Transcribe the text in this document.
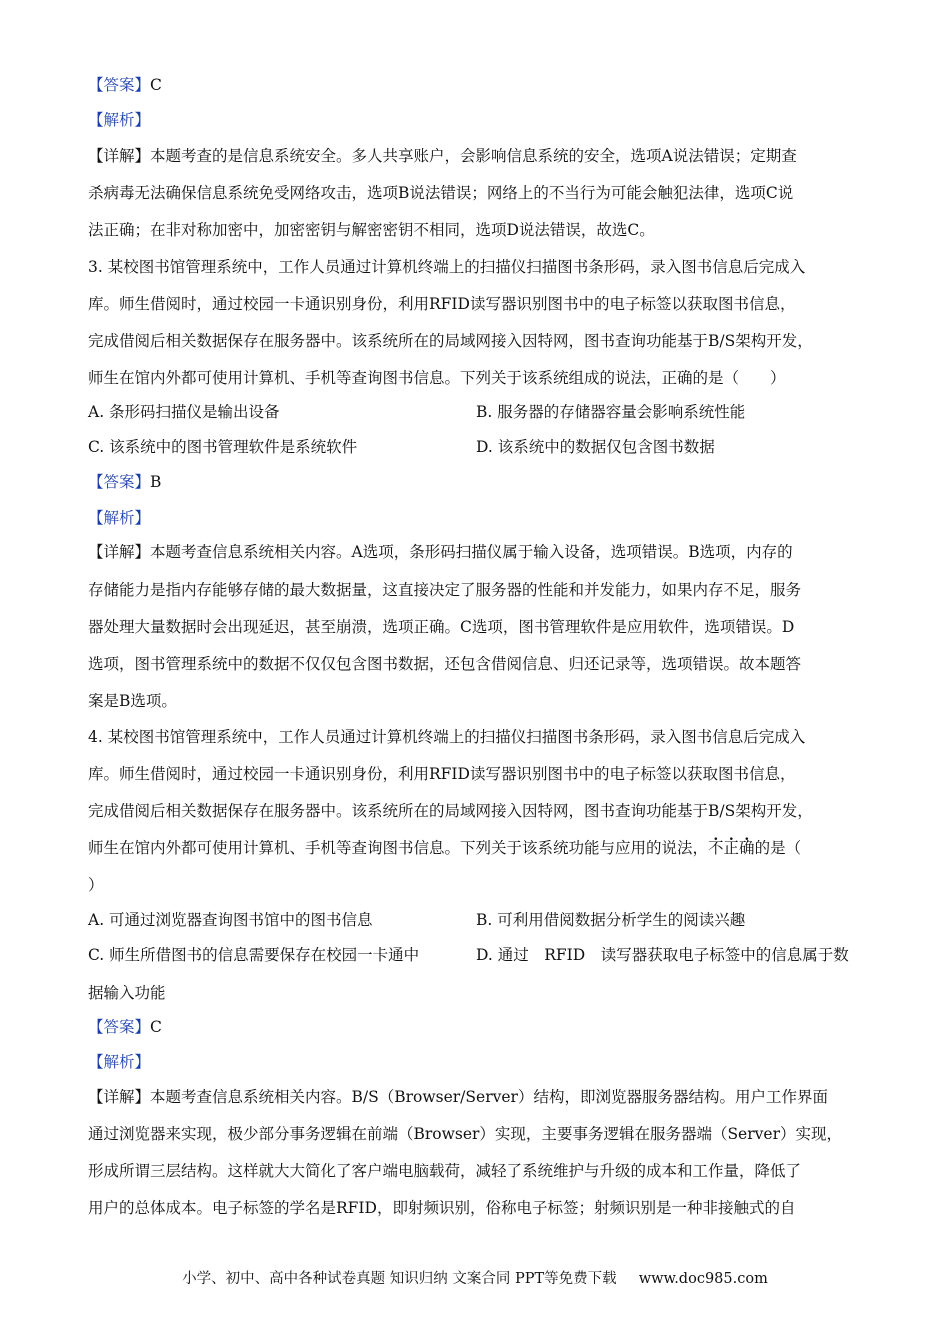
【答案】C
【解析】
【详解】本题考查的是信息系统安全。多人共享账户，会影响信息系统的安全，选项A说法错误；定期查
杀病毒无法确保信息系统免受网络攻击，选项B说法错误；网络上的不当行为可能会触犯法律，选项C说
法正确；在非对称加密中，加密密钥与解密密钥不相同，选项D说法错误，故选C。
3. 某校图书馆管理系统中，工作人员通过计算机终端上的扫描仪扫描图书条形码，录入图书信息后完成入
库。师生借阅时，通过校园一卡通识别身份，利用RFID读写器识别图书中的电子标签以获取图书信息，
完成借阅后相关数据保存在服务器中。该系统所在的局域网接入因特网，图书查询功能基于B/S架构开发，
师生在馆内外都可使用计算机、手机等查询图书信息。下列关于该系统组成的说法，正确的是（　　）
A. 条形码扫描仪是输出设备	B. 服务器的存储器容量会影响系统性能
C. 该系统中的图书管理软件是系统软件	D. 该系统中的数据仅包含图书数据
【答案】B
【解析】
【详解】本题考查信息系统相关内容。A选项，条形码扫描仪属于输入设备，选项错误。B选项，内存的
存储能力是指内存能够存储的最大数据量，这直接决定了服务器的性能和并发能力，如果内存不足，服务
器处理大量数据时会出现延迟，甚至崩溃，选项正确。C选项，图书管理软件是应用软件，选项错误。D
选项，图书管理系统中的数据不仅仅包含图书数据，还包含借阅信息、归还记录等，选项错误。故本题答
案是B选项。
4. 某校图书馆管理系统中，工作人员通过计算机终端上的扫描仪扫描图书条形码，录入图书信息后完成入
库。师生借阅时，通过校园一卡通识别身份，利用RFID读写器识别图书中的电子标签以获取图书信息，
完成借阅后相关数据保存在服务器中。该系统所在的局域网接入因特网，图书查询功能基于B/S架构开发，
师生在馆内外都可使用计算机、手机等查询图书信息。下列关于该系统功能与应用的说法，不正确的是（
）
A. 可通过浏览器查询图书馆中的图书信息	B. 可利用借阅数据分析学生的阅读兴趣
C. 师生所借图书的信息需要保存在校园一卡通中	D. 通过　RFID　读写器获取电子标签中的信息属于数
据输入功能
【答案】C
【解析】
【详解】本题考查信息系统相关内容。B/S（Browser/Server）结构，即浏览器服务器结构。用户工作界面
通过浏览器来实现，极少部分事务逻辑在前端（Browser）实现，主要事务逻辑在服务器端（Server）实现，
形成所谓三层结构。这样就大大简化了客户端电脑载荷，减轻了系统维护与升级的成本和工作量，降低了
用户的总体成本。电子标签的学名是RFID，即射频识别，俗称电子标签；射频识别是一种非接触式的自
小学、初中、高中各种试卷真题 知识归纳 文案合同 PPT等免费下载 www.doc985.com
